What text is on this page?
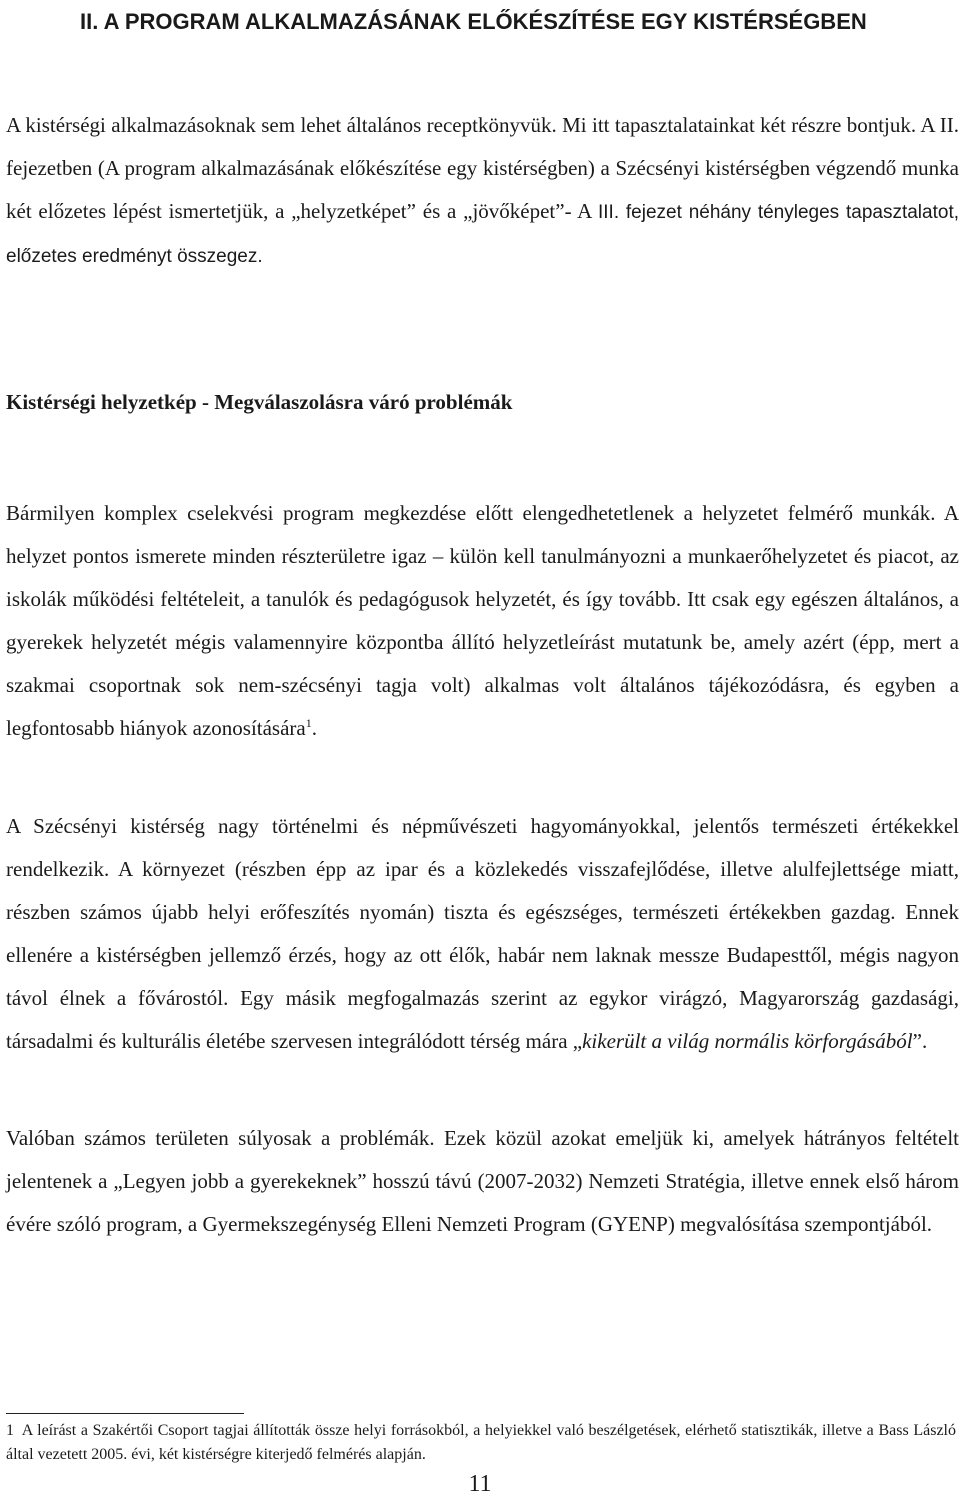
II. A PROGRAM ALKALMAZÁSÁNAK ELŐKÉSZÍTÉSE EGY KISTÉRSÉGBEN

A kistérségi alkalmazásoknak sem lehet általános receptkönyvük. Mi itt tapasztalatainkat két részre bontjuk. A II. fejezetben (A program alkalmazásának előkészítése egy kistérségben) a Szécsényi kistérségben végzendő munka két előzetes lépést ismertetjük, a „helyzetképet” és a „jövőképet”- A III. fejezet néhány tényleges tapasztalatot, előzetes eredményt összegez.

Kistérségi helyzetkép - Megválaszolásra váró problémák

Bármilyen komplex cselekvési program megkezdése előtt elengedhetetlenek a helyzetet felmérő munkák. A helyzet pontos ismerete minden részterületre igaz – külön kell tanulmányozni a munkaerőhelyzetet és piacot, az iskolák működési feltételeit, a tanulók és pedagógusok helyzetét, és így tovább. Itt csak egy egészen általános, a gyerekek helyzetét mégis valamennyire központba állító helyzetleírást mutatunk be, amely azért (épp, mert a szakmai csoportnak sok nem-szécsényi tagja volt) alkalmas volt általános tájékozódásra, és egyben a legfontosabb hiányok azonosítására$^1$.

A Szécsényi kistérség nagy történelmi és népművészeti hagyományokkal, jelentős természeti értékekkel rendelkezik. A környezet (részben épp az ipar és a közlekedés visszafejlődése, illetve alulfejlettsége miatt, részben számos újabb helyi erőfeszítés nyomán) tiszta és egészséges, természeti értékekben gazdag. Ennek ellenére a kistérségben jellemző érzés, hogy az ott élők, habár nem laknak messze Budapesttől, mégis nagyon távol élnek a fővárostól. Egy másik megfogalmazás szerint az egykor virágzó, Magyarország gazdasági, társadalmi és kulturális életébe szervesen integrálódott térség mára „kikerült a világ normális körforgásából”.

Valóban számos területen súlyosak a problémák. Ezek közül azokat emeljük ki, amelyek hátrányos feltételt jelentenek a „Legyen jobb a gyerekeknek” hosszú távú (2007-2032) Nemzeti Stratégia, illetve ennek első három évére szóló program, a Gyermekszegénység Elleni Nemzeti Program (GYENP) megvalósítása szempontjából.

1 A leírást a Szakértői Csoport tagjai állították össze helyi forrásokból, a helyiekkel való beszélgetések, elérhető statisztikák, illetve a Bass László által vezetett 2005. évi, két kistérségre kiterjedő felmérés alapján.

11
